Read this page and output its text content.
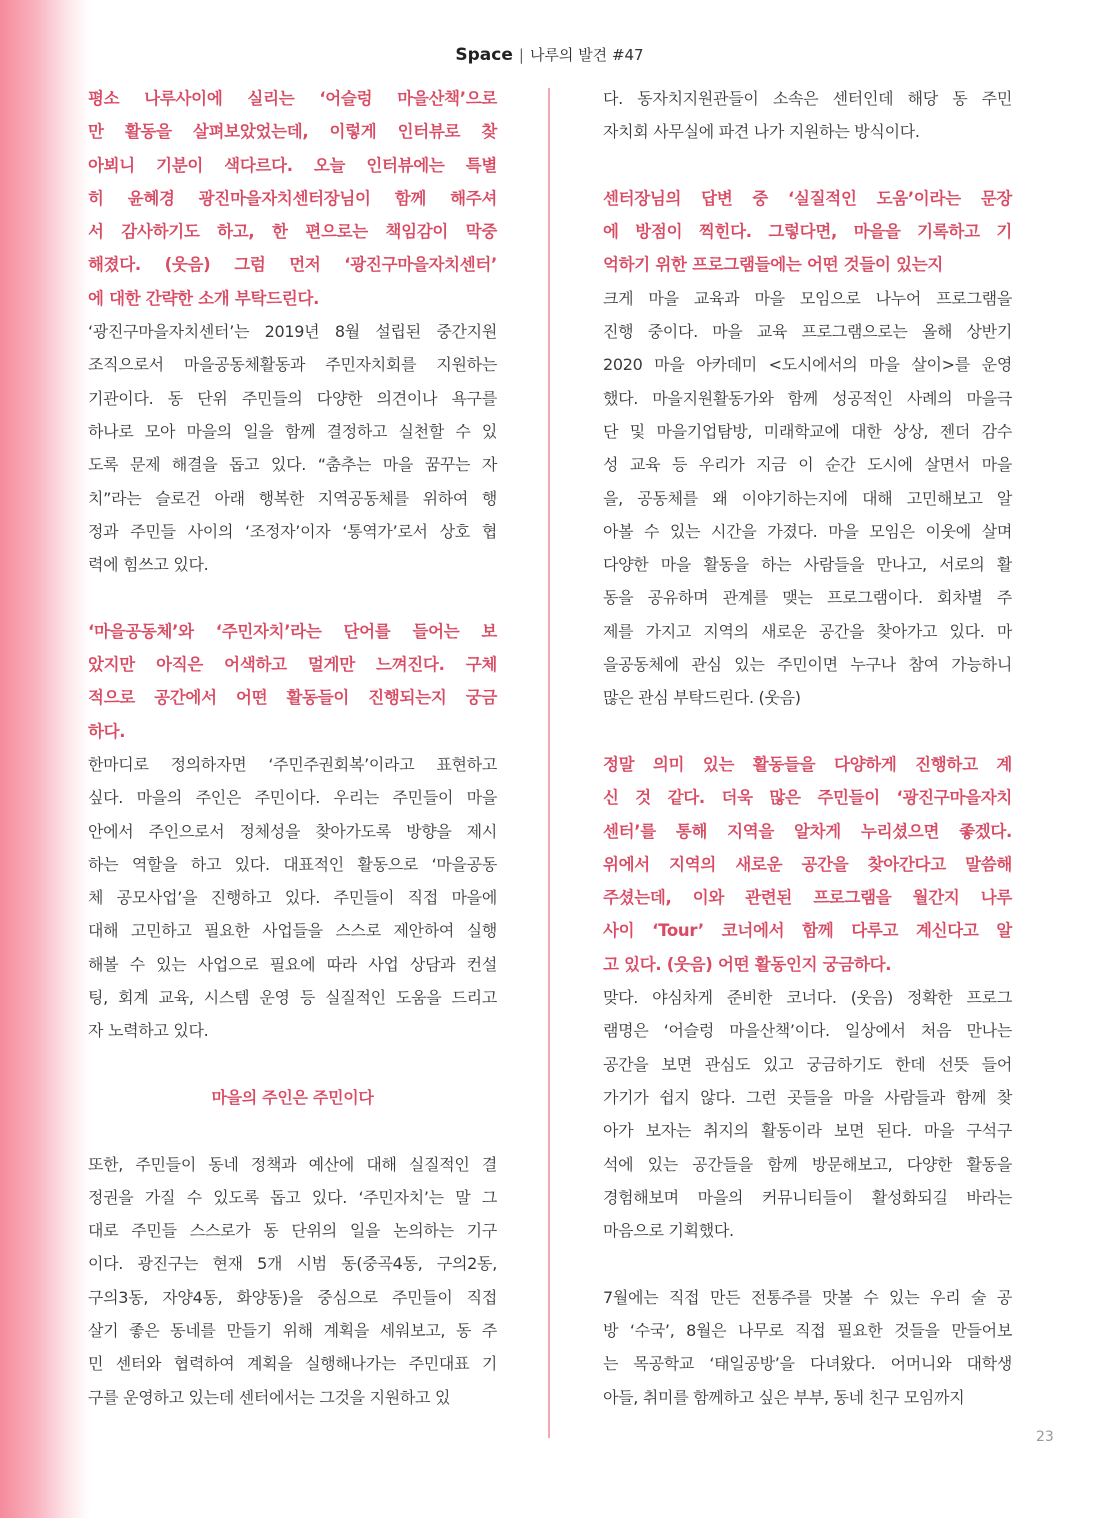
Space | 나루의 발견 #47
평소 나루사이에 실리는 ‘어슬렁 마을산책’으로
만 활동을 살펴보았었는데, 이렇게 인터뷰로 찾
아뵈니 기분이 색다르다. 오늘 인터뷰에는 특별
히 윤혜경 광진마을자치센터장님이 함께 해주셔
서 감사하기도 하고, 한 편으로는 책임감이 막중
해졌다. (웃음) 그럼 먼저 ‘광진구마을자치센터’
에 대한 간략한 소개 부탁드린다.
‘광진구마을자치센터’는 2019년 8월 설립된 중간지원
조직으로서 마을공동체활동과 주민자치회를 지원하는
기관이다. 동 단위 주민들의 다양한 의견이나 욕구를
하나로 모아 마을의 일을 함께 결정하고 실천할 수 있
도록 문제 해결을 돕고 있다. “춤추는 마을 꿈꾸는 자
치”라는 슬로건 아래 행복한 지역공동체를 위하여 행
정과 주민들 사이의 ‘조정자’이자 ‘통역가’로서 상호 협
력에 힘쓰고 있다.
‘마을공동체’와 ‘주민자치’라는 단어를 들어는 보
았지만 아직은 어색하고 멀게만 느껴진다. 구체
적으로 공간에서 어떤 활동들이 진행되는지 궁금
하다.
한마디로 정의하자면 ‘주민주권회복’이라고 표현하고
싶다. 마을의 주인은 주민이다. 우리는 주민들이 마을
안에서 주인으로서 정체성을 찾아가도록 방향을 제시
하는 역할을 하고 있다. 대표적인 활동으로 ‘마을공동
체 공모사업’을 진행하고 있다. 주민들이 직접 마을에
대해 고민하고 필요한 사업들을 스스로 제안하여 실행
해볼 수 있는 사업으로 필요에 따라 사업 상담과 컨설
팅, 회계 교육, 시스템 운영 등 실질적인 도움을 드리고
자 노력하고 있다.
마을의 주인은 주민이다
또한, 주민들이 동네 정책과 예산에 대해 실질적인 결
정권을 가질 수 있도록 돕고 있다. ‘주민자치’는 말 그
대로 주민들 스스로가 동 단위의 일을 논의하는 기구
이다. 광진구는 현재 5개 시범 동(중곡4동, 구의2동,
구의3동, 자양4동, 화양동)을 중심으로 주민들이 직접
살기 좋은 동네를 만들기 위해 계획을 세워보고, 동 주
민 센터와 협력하여 계획을 실행해나가는 주민대표 기
구를 운영하고 있는데 센터에서는 그것을 지원하고 있
다. 동자치지원관들이 소속은 센터인데 해당 동 주민
자치회 사무실에 파견 나가 지원하는 방식이다.
센터장님의 답변 중 ‘실질적인 도움’이라는 문장
에 방점이 찍힌다. 그렇다면, 마을을 기록하고 기
억하기 위한 프로그램들에는 어떤 것들이 있는지
크게 마을 교육과 마을 모임으로 나누어 프로그램을
진행 중이다. 마을 교육 프로그램으로는 올해 상반기
2020 마을 아카데미 <도시에서의 마을 살이>를 운영
했다. 마을지원활동가와 함께 성공적인 사례의 마을극
단 및 마을기업탐방, 미래학교에 대한 상상, 젠더 감수
성 교육 등 우리가 지금 이 순간 도시에 살면서 마을
을, 공동체를 왜 이야기하는지에 대해 고민해보고 알
아볼 수 있는 시간을 가졌다. 마을 모임은 이웃에 살며
다양한 마을 활동을 하는 사람들을 만나고, 서로의 활
동을 공유하며 관계를 맺는 프로그램이다. 회차별 주
제를 가지고 지역의 새로운 공간을 찾아가고 있다. 마
을공동체에 관심 있는 주민이면 누구나 참여 가능하니
많은 관심 부탁드린다. (웃음)
정말 의미 있는 활동들을 다양하게 진행하고 계
신 것 같다. 더욱 많은 주민들이 ‘광진구마을자치
센터’를 통해 지역을 알차게 누리셨으면 좋겠다.
위에서 지역의 새로운 공간을 찾아간다고 말씀해
주셨는데, 이와 관련된 프로그램을 월간지 나루
사이 ‘Tour’ 코너에서 함께 다루고 계신다고 알
고 있다. (웃음) 어떤 활동인지 궁금하다.
맞다. 야심차게 준비한 코너다. (웃음) 정확한 프로그
램명은 ‘어슬렁 마을산책’이다. 일상에서 처음 만나는
공간을 보면 관심도 있고 궁금하기도 한데 선뜻 들어
가기가 쉽지 않다. 그런 곳들을 마을 사람들과 함께 찾
아가 보자는 취지의 활동이라 보면 된다. 마을 구석구
석에 있는 공간들을 함께 방문해보고, 다양한 활동을
경험해보며 마을의 커뮤니티들이 활성화되길 바라는
마음으로 기획했다.
7월에는 직접 만든 전통주를 맛볼 수 있는 우리 술 공
방 ‘수국’, 8월은 나무로 직접 필요한 것들을 만들어보
는 목공학교 ‘태일공방’을 다녀왔다. 어머니와 대학생
아들, 취미를 함께하고 싶은 부부, 동네 친구 모임까지
23
